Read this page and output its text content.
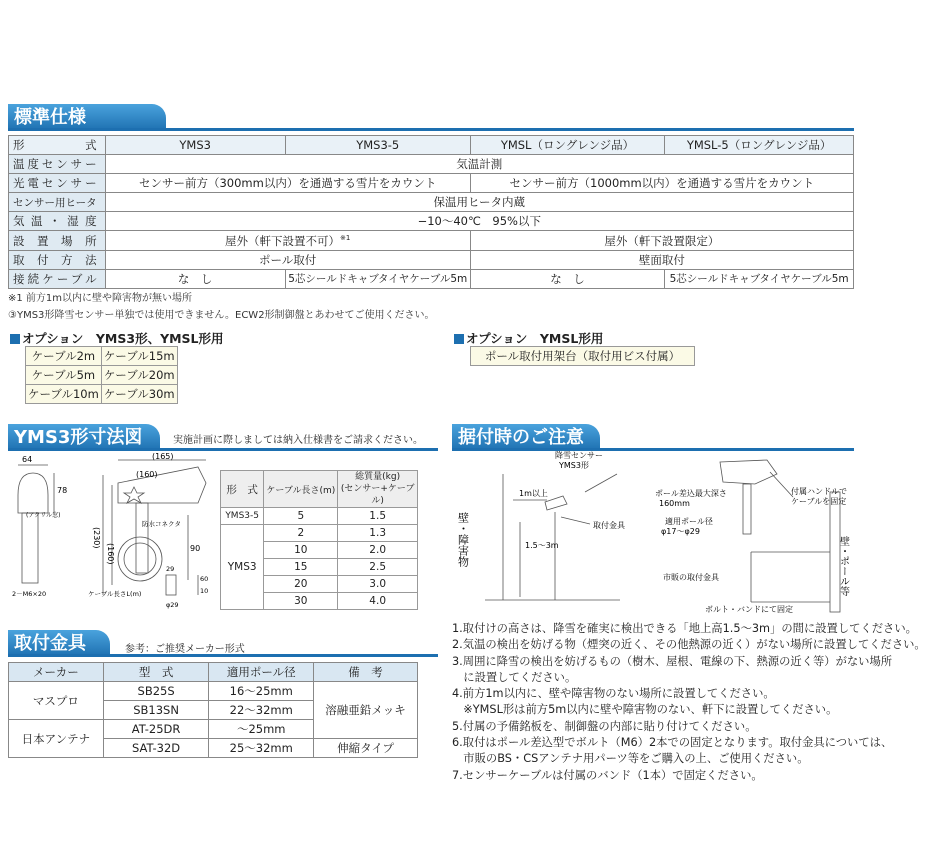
標準仕様
形 式	YMS3	YMS3-5	YMSL（ロングレンジ品）	YMSL-5（ロングレンジ品）
温度センサー	気温計測			
光電センサー	センサー前方（300mm以内）を通過する雪片をカウント		センサー前方（1000mm以内）を通過する雪片をカウント	
センサー用ヒータ	保温用ヒータ内蔵			
気温・湿度	−10〜40℃　95%以下			
設置場所	屋外（軒下設置不可）$^{※1}$		屋外（軒下設置限定）	
取付方法	ポール取付		壁面取付	
接続ケーブル	な　し	5芯シールドキャブタイヤケーブル5m	な　し	5芯シールドキャブタイヤケーブル5m
※1 前方1m以内に壁や障害物が無い場所
③YMS3形降雪センサー単独では使用できません。ECW2形制御盤とあわせてご使用ください。
オプション　YMS3形、YMSL形用
ケーブル2m	ケーブル15m
ケーブル5m	ケーブル20m
ケーブル10m	ケーブル30m
オプション　YMSL形用
ポール取付用架台（取付用ビス付属）
YMS3形寸法図	実施計画に際しましては納入仕様書をご請求ください。
64
78
(アクリル窓)
(165)
(160)
防水コネクタ
(230)
(160)	90
29
60
10
2－M6×20	ケーブル長さL(m)
φ29
形　式	ケーブル長さ(m)	総質量(kg)
(センサー+ケーブル)
YMS3-5	5	1.5
YMS3	2	1.3
	10	2.0
	15	2.5
	20	3.0
	30	4.0
取付金具	参考：ご推奨メーカー形式
メーカー	型　式	適用ポール径	備　考
マスプロ	SB25S	16〜25mm	溶融亜鉛メッキ
	SB13SN	22〜32mm	
日本アンテナ	AT-25DR	〜25mm	
	SAT-32D	25〜32mm	伸縮タイプ
据付時のご注意
壁・障害物
降雪センサー
YMS3形
1m以上
1.5〜3m
取付金具
ポール差込最大深さ
160mm
適用ポール径
φ17〜φ29
付属ハンドルで
ケーブルを固定
市販の取付金具
ボルト・バンドにて固定
壁・ポール等
1.取付けの高さは、降雪を確実に検出できる「地上高1.5〜3m」の間に設置してください。
2.気温の検出を妨げる物（煙突の近く、その他熱源の近く）がない場所に設置してください。
3.周囲に降雪の検出を妨げるもの（樹木、屋根、電線の下、熱源の近く等）がない場所
　に設置してください。
4.前方1m以内に、壁や障害物のない場所に設置してください。
　※YMSL形は前方5m以内に壁や障害物のない、軒下に設置してください。
5.付属の予備銘板を、制御盤の内部に貼り付けてください。
6.取付はポール差込型でボルト（M6）2本での固定となります。取付金具については、
　市販のBS・CSアンテナ用パーツ等をご購入の上、ご使用ください。
7.センサーケーブルは付属のバンド（1本）で固定ください。
